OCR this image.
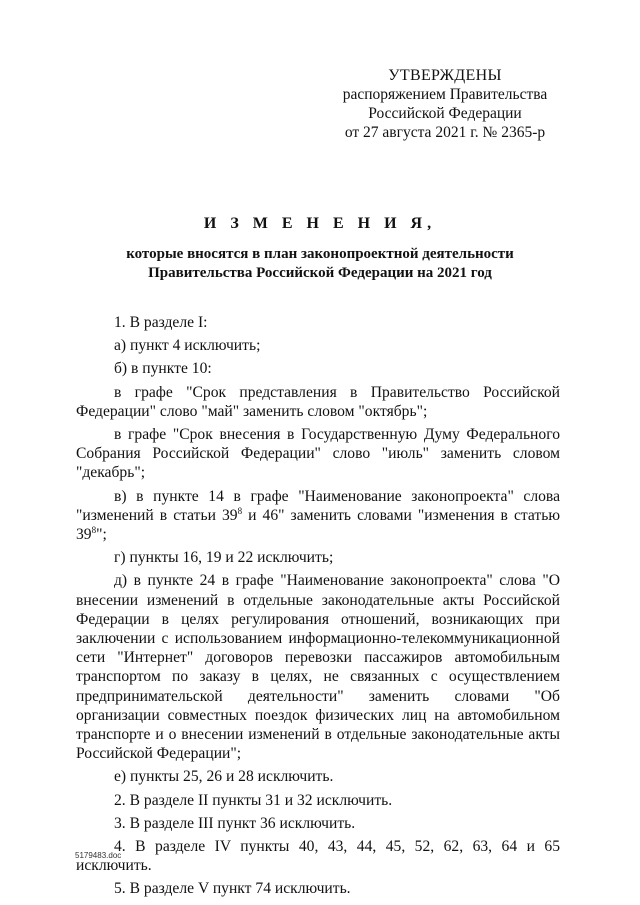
УТВЕРЖДЕНЫ
распоряжением Правительства
Российской Федерации
от 27 августа 2021 г. № 2365-р
И З М Е Н Е Н И Я,
которые вносятся в план законопроектной деятельности
Правительства Российской Федерации на 2021 год

1. В разделе I:

а) пункт 4 исключить;

б) в пункте 10:

в графе "Срок представления в Правительство Российской Федерации" слово "май" заменить словом "октябрь";

в графе "Срок внесения в Государственную Думу Федерального Собрания Российской Федерации" слово "июль" заменить словом "декабрь";

в) в пункте 14 в графе "Наименование законопроекта" слова "изменений в статьи $39^8$ и 46" заменить словами "изменения в статью $39^8$";

г) пункты 16, 19 и 22 исключить;

д) в пункте 24 в графе "Наименование законопроекта" слова "О внесении изменений в отдельные законодательные акты Российской Федерации в целях регулирования отношений, возникающих при заключении с использованием информационно-телекоммуникационной сети "Интернет" договоров перевозки пассажиров автомобильным транспортом по заказу в целях, не связанных с осуществлением предпринимательской деятельности" заменить словами "Об организации совместных поездок физических лиц на автомобильном транспорте и о внесении изменений в отдельные законодательные акты Российской Федерации";

е) пункты 25, 26 и 28 исключить.

2. В разделе II пункты 31 и 32 исключить.

3. В разделе III пункт 36 исключить.

4. В разделе IV пункты 40, 43, 44, 45, 52, 62, 63, 64 и 65 исключить.

5. В разделе V пункт 74 исключить.

5179483.doc
